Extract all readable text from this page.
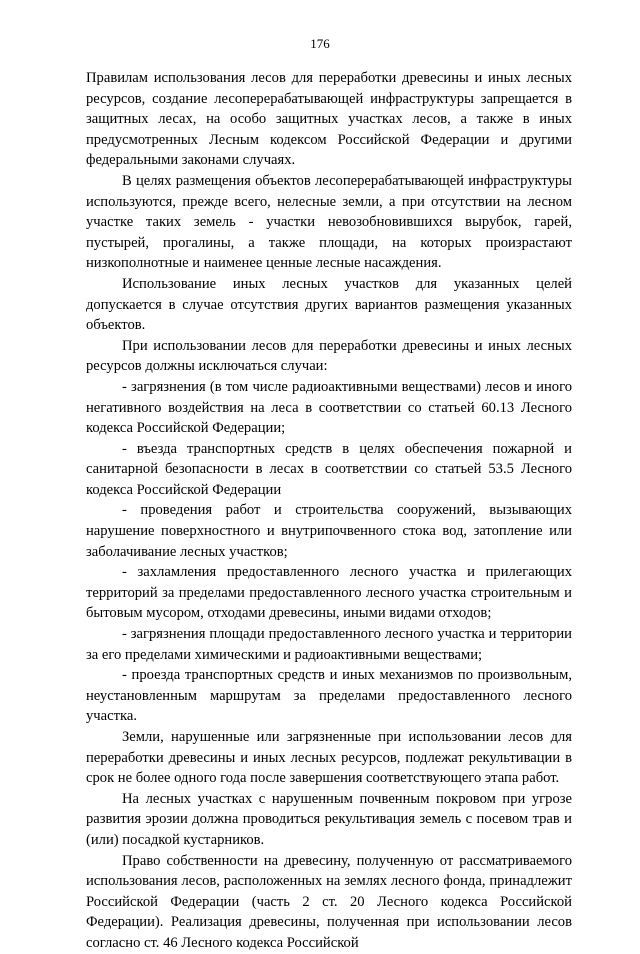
176

Правилам использования лесов для переработки древесины и иных лесных ресурсов, создание лесоперерабатывающей инфраструктуры запрещается в защитных лесах, на особо защитных участках лесов, а также в иных предусмотренных Лесным кодексом Российской Федерации и другими федеральными законами случаях.

В целях размещения объектов лесоперерабатывающей инфраструктуры используются, прежде всего, нелесные земли, а при отсутствии на лесном участке таких земель - участки невозобновившихся вырубок, гарей, пустырей, прогалины, а также площади, на которых произрастают низкополнотные и наименее ценные лесные насаждения.

Использование иных лесных участков для указанных целей допускается в случае отсутствия других вариантов размещения указанных объектов.

При использовании лесов для переработки древесины и иных лесных ресурсов должны исключаться случаи:

- загрязнения (в том числе радиоактивными веществами) лесов и иного негативного воздействия на леса в соответствии со статьей 60.13 Лесного кодекса Российской Федерации;

- въезда транспортных средств в целях обеспечения пожарной и санитарной безопасности в лесах в соответствии со статьей 53.5 Лесного кодекса Российской Федерации

- проведения работ и строительства сооружений, вызывающих нарушение поверхностного и внутрипочвенного стока вод, затопление или заболачивание лесных участков;

- захламления предоставленного лесного участка и прилегающих территорий за пределами предоставленного лесного участка строительным и бытовым мусором, отходами древесины, иными видами отходов;

- загрязнения площади предоставленного лесного участка и территории за его пределами химическими и радиоактивными веществами;

- проезда транспортных средств и иных механизмов по произвольным, неустановленным маршрутам за пределами предоставленного лесного участка.

Земли, нарушенные или загрязненные при использовании лесов для переработки древесины и иных лесных ресурсов, подлежат рекультивации в срок не более одного года после завершения соответствующего этапа работ.

На лесных участках с нарушенным почвенным покровом при угрозе развития эрозии должна проводиться рекультивация земель с посевом трав и (или) посадкой кустарников.

Право собственности на древесину, полученную от рассматриваемого использования лесов, расположенных на землях лесного фонда, принадлежит Российской Федерации (часть 2 ст. 20 Лесного кодекса Российской Федерации). Реализация древесины, полученная при использовании лесов согласно ст. 46 Лесного кодекса Российской
